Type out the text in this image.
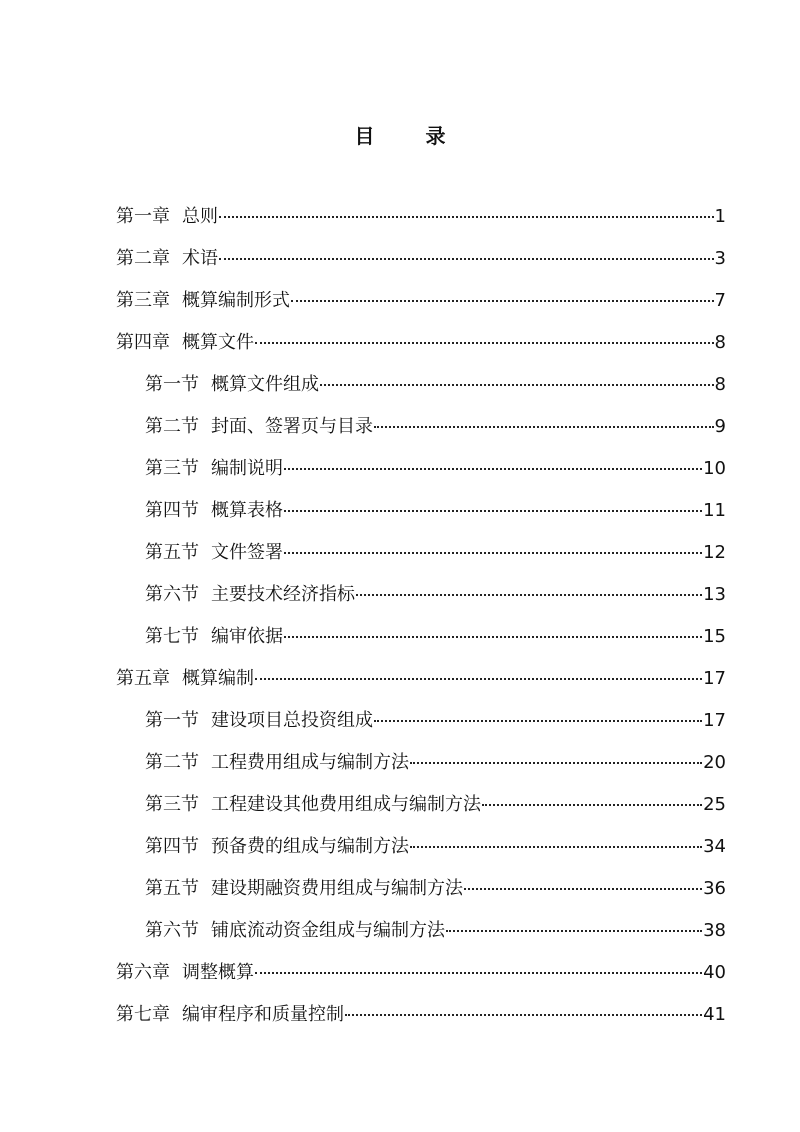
目 录
第一章 总则	1
第二章 术语	3
第三章 概算编制形式	7
第四章 概算文件	8
第一节 概算文件组成	8
第二节 封面、签署页与目录	9
第三节 编制说明	10
第四节 概算表格	11
第五节 文件签署	12
第六节 主要技术经济指标	13
第七节 编审依据	15
第五章 概算编制	17
第一节 建设项目总投资组成	17
第二节 工程费用组成与编制方法	20
第三节 工程建设其他费用组成与编制方法	25
第四节 预备费的组成与编制方法	34
第五节 建设期融资费用组成与编制方法	36
第六节 铺底流动资金组成与编制方法	38
第六章 调整概算	40
第七章 编审程序和质量控制	41
